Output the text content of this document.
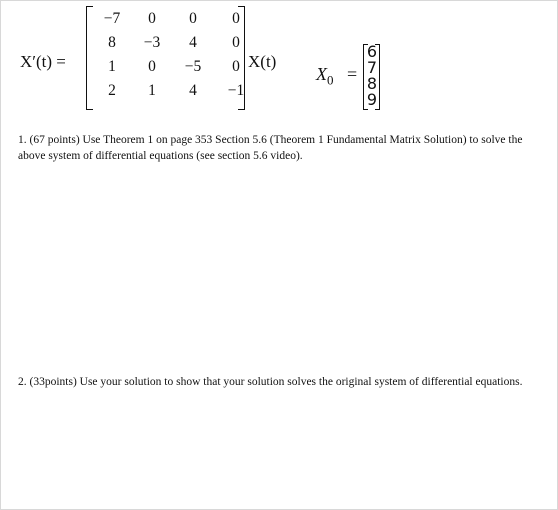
X′(t) =
−7	0	0	0
8	−3	4	0
1	0	−5	0
2	1	4	−1
X(t)
$X_0$ =
6
7
8
9
1. (67 points) Use Theorem 1 on page 353 Section 5.6 (Theorem 1 Fundamental Matrix Solution) to solve the above system of differential equations (see section 5.6 video).
2. (33points) Use your solution to show that your solution solves the original system of differential equations.
